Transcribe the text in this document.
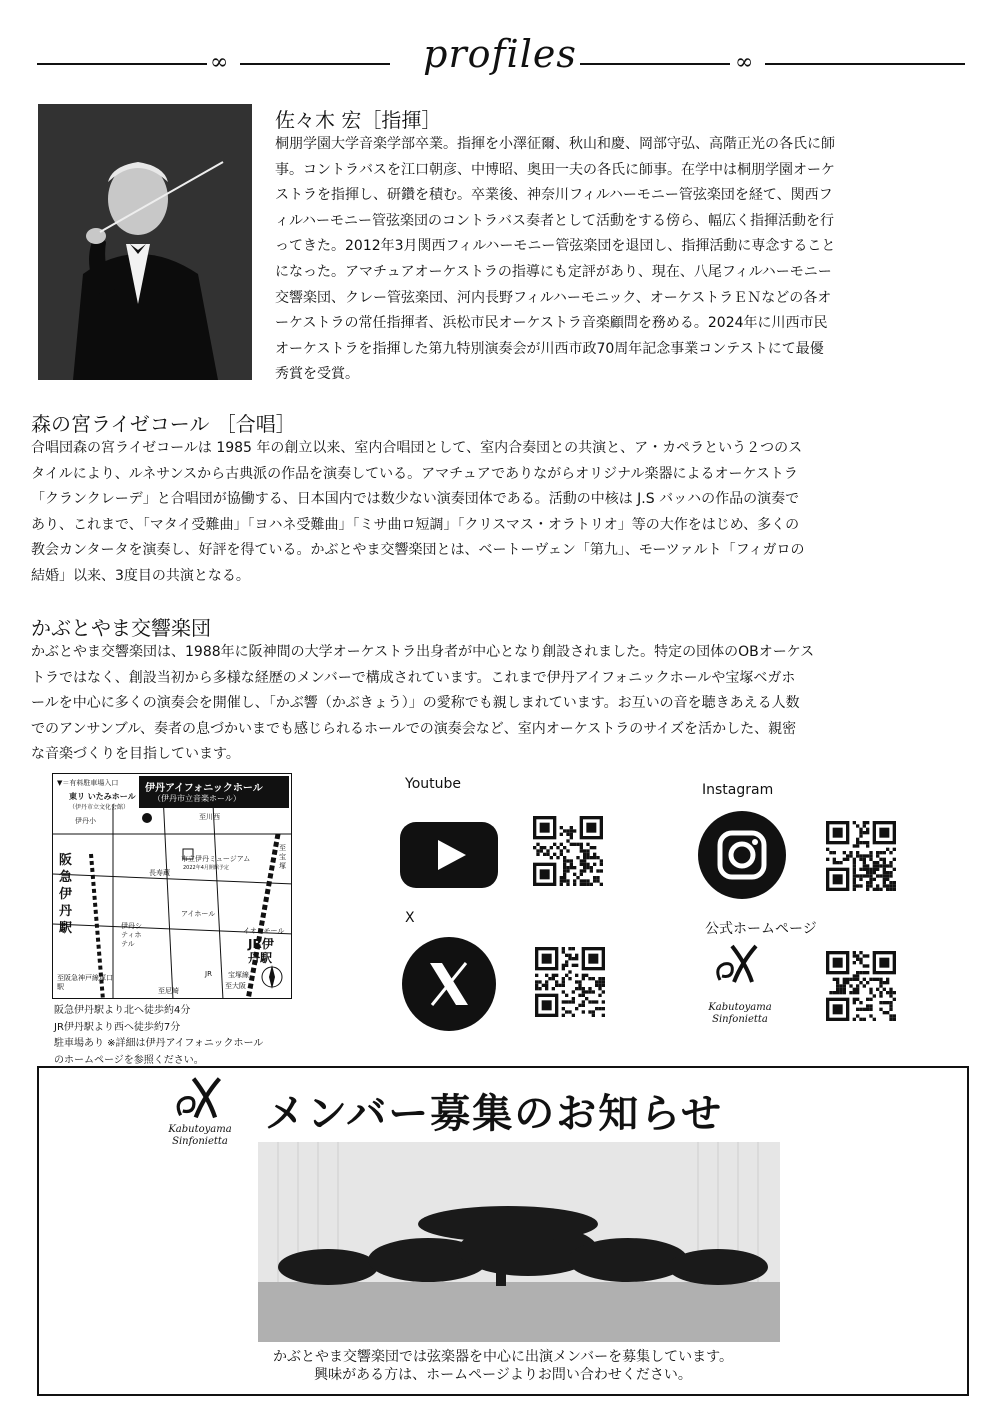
∞	profiles	∞
佐々木 宏［指揮］
桐朋学園大学音楽学部卒業。指揮を小澤征爾、秋山和慶、岡部守弘、高階正光の各氏に師
事。コントラバスを江口朝彦、中博昭、奥田一夫の各氏に師事。在学中は桐朋学園オーケ
ストラを指揮し、研鑽を積む。卒業後、神奈川フィルハーモニー管弦楽団を経て、関西フ
ィルハーモニー管弦楽団のコントラバス奏者として活動をする傍ら、幅広く指揮活動を行
ってきた。2012年3月関西フィルハーモニー管弦楽団を退団し、指揮活動に専念すること
になった。アマチュアオーケストラの指導にも定評があり、現在、八尾フィルハーモニー
交響楽団、クレー管弦楽団、河内長野フィルハーモニック、オーケストラＥＮなどの各オ
ーケストラの常任指揮者、浜松市民オーケストラ音楽顧問を務める。2024年に川西市民
オーケストラを指揮した第九特別演奏会が川西市政70周年記念事業コンテストにて最優
秀賞を受賞。
森の宮ライゼコール ［合唱］
合唱団森の宮ライゼコールは 1985 年の創立以来、室内合唱団として、室内合奏団との共演と、ア・カペラという２つのス
タイルにより、ルネサンスから古典派の作品を演奏している。アマチュアでありながらオリジナル楽器によるオーケストラ
「クランクレーデ」と合唱団が協働する、日本国内では数少ない演奏団体である。活動の中核は J.S バッハの作品の演奏で
あり、これまで、「マタイ受難曲」「ヨハネ受難曲」「ミサ曲ロ短調」「クリスマス・オラトリオ」等の大作をはじめ、多くの
教会カンタータを演奏し、好評を得ている。かぶとやま交響楽団とは、ベートーヴェン「第九」、モーツァルト「フィガロの
結婚」以来、3度目の共演となる。
かぶとやま交響楽団
かぶとやま交響楽団は、1988年に阪神間の大学オーケストラ出身者が中心となり創設されました。特定の団体のOBオーケス
トラではなく、創設当初から多様な経歴のメンバーで構成されています。これまで伊丹アイフォニックホールや宝塚ベガホ
ールを中心に多くの演奏会を開催し、「かぶ響（かぶきょう）」の愛称でも親しまれています。お互いの音を聴きあえる人数
でのアンサンブル、奏者の息づかいまでも感じられるホールでの演奏会など、室内オーケストラのサイズを活かした、親密
な音楽づくりを目指しています。
▼＝有料駐車場入口	伊丹アイフォニックホール
（伊丹市立音楽ホール）
東リ いたみホール
（伊丹市立文化会館）
伊丹小	至川西
市立伊丹ミュージアム
2022年4月開館予定
長寿蔵
阪急伊丹駅
アイホール
伊丹シティホテル
イオンモール
JR伊丹駅
至阪急神戸線塚口駅	至尼崎
JR 宝塚線
至大阪
至宝塚
阪急伊丹駅より北へ徒歩約4分
JR伊丹駅より西へ徒歩約7分
駐車場あり ※詳細は伊丹アイフォニックホール
のホームページを参照ください。
Youtube
X
Instagram
公式ホームページ
Kabutoyama
Sinfonietta
Kabutoyama
Sinfonietta
メンバー募集のお知らせ
かぶとやま交響楽団では弦楽器を中心に出演メンバーを募集しています。
興味がある方は、ホームページよりお問い合わせください。
